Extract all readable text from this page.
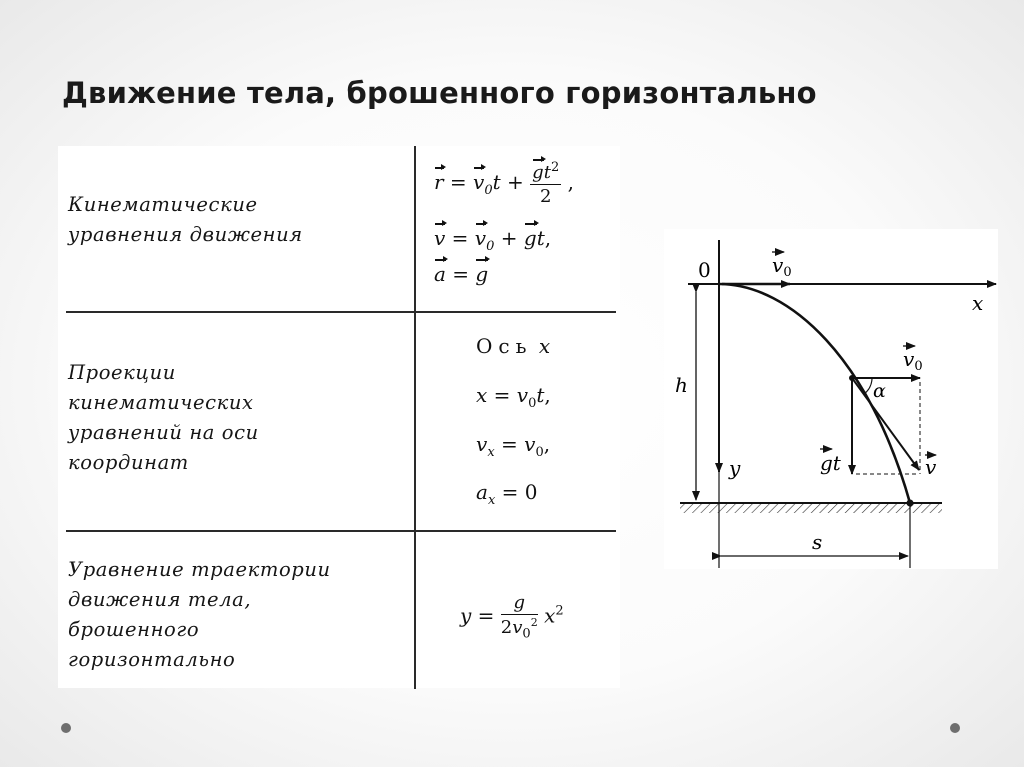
Движение тела, брошенного горизонтально
Кинематические
уравнения движения
$r = v_0t + \frac{gt^2}{2}$ ,
$v = v_0$ + gt,
a = g
Проекции
кинематических
уравнений на оси
координат
Ось x
$x = v_0t$,
$v_x = v_0$,
$a_x = 0$
Уравнение траектории
движения тела,
брошенного
горизонтально
$y = \frac{g}{2v_0^2} x^2$
0
x
y
h
s
α
$v_0$
$v_0$
gt	v
